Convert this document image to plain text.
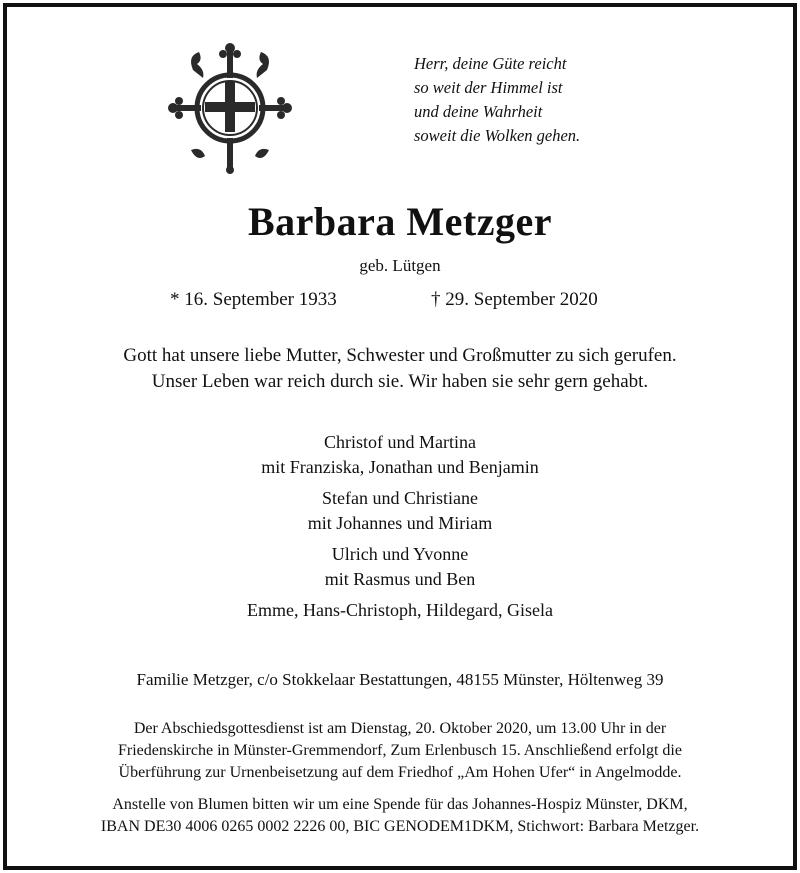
Herr, deine Güte reicht
so weit der Himmel ist
und deine Wahrheit
soweit die Wolken gehen.
Barbara Metzger
geb. Lütgen
* 16. September 1933	† 29. September 2020
Gott hat unsere liebe Mutter, Schwester und Großmutter zu sich gerufen.
Unser Leben war reich durch sie. Wir haben sie sehr gern gehabt.
Christof und Martina
mit Franziska, Jonathan und Benjamin
Stefan und Christiane
mit Johannes und Miriam
Ulrich und Yvonne
mit Rasmus und Ben
Emme, Hans-Christoph, Hildegard, Gisela
Familie Metzger, c/o Stokkelaar Bestattungen, 48155 Münster, Höltenweg 39
Der Abschiedsgottesdienst ist am Dienstag, 20. Oktober 2020, um 13.00 Uhr in der
Friedenskirche in Münster-Gremmendorf, Zum Erlenbusch 15. Anschließend erfolgt die
Überführung zur Urnenbeisetzung auf dem Friedhof „Am Hohen Ufer“ in Angelmodde.
Anstelle von Blumen bitten wir um eine Spende für das Johannes-Hospiz Münster, DKM,
IBAN DE30 4006 0265 0002 2226 00, BIC GENODEM1DKM, Stichwort: Barbara Metzger.
